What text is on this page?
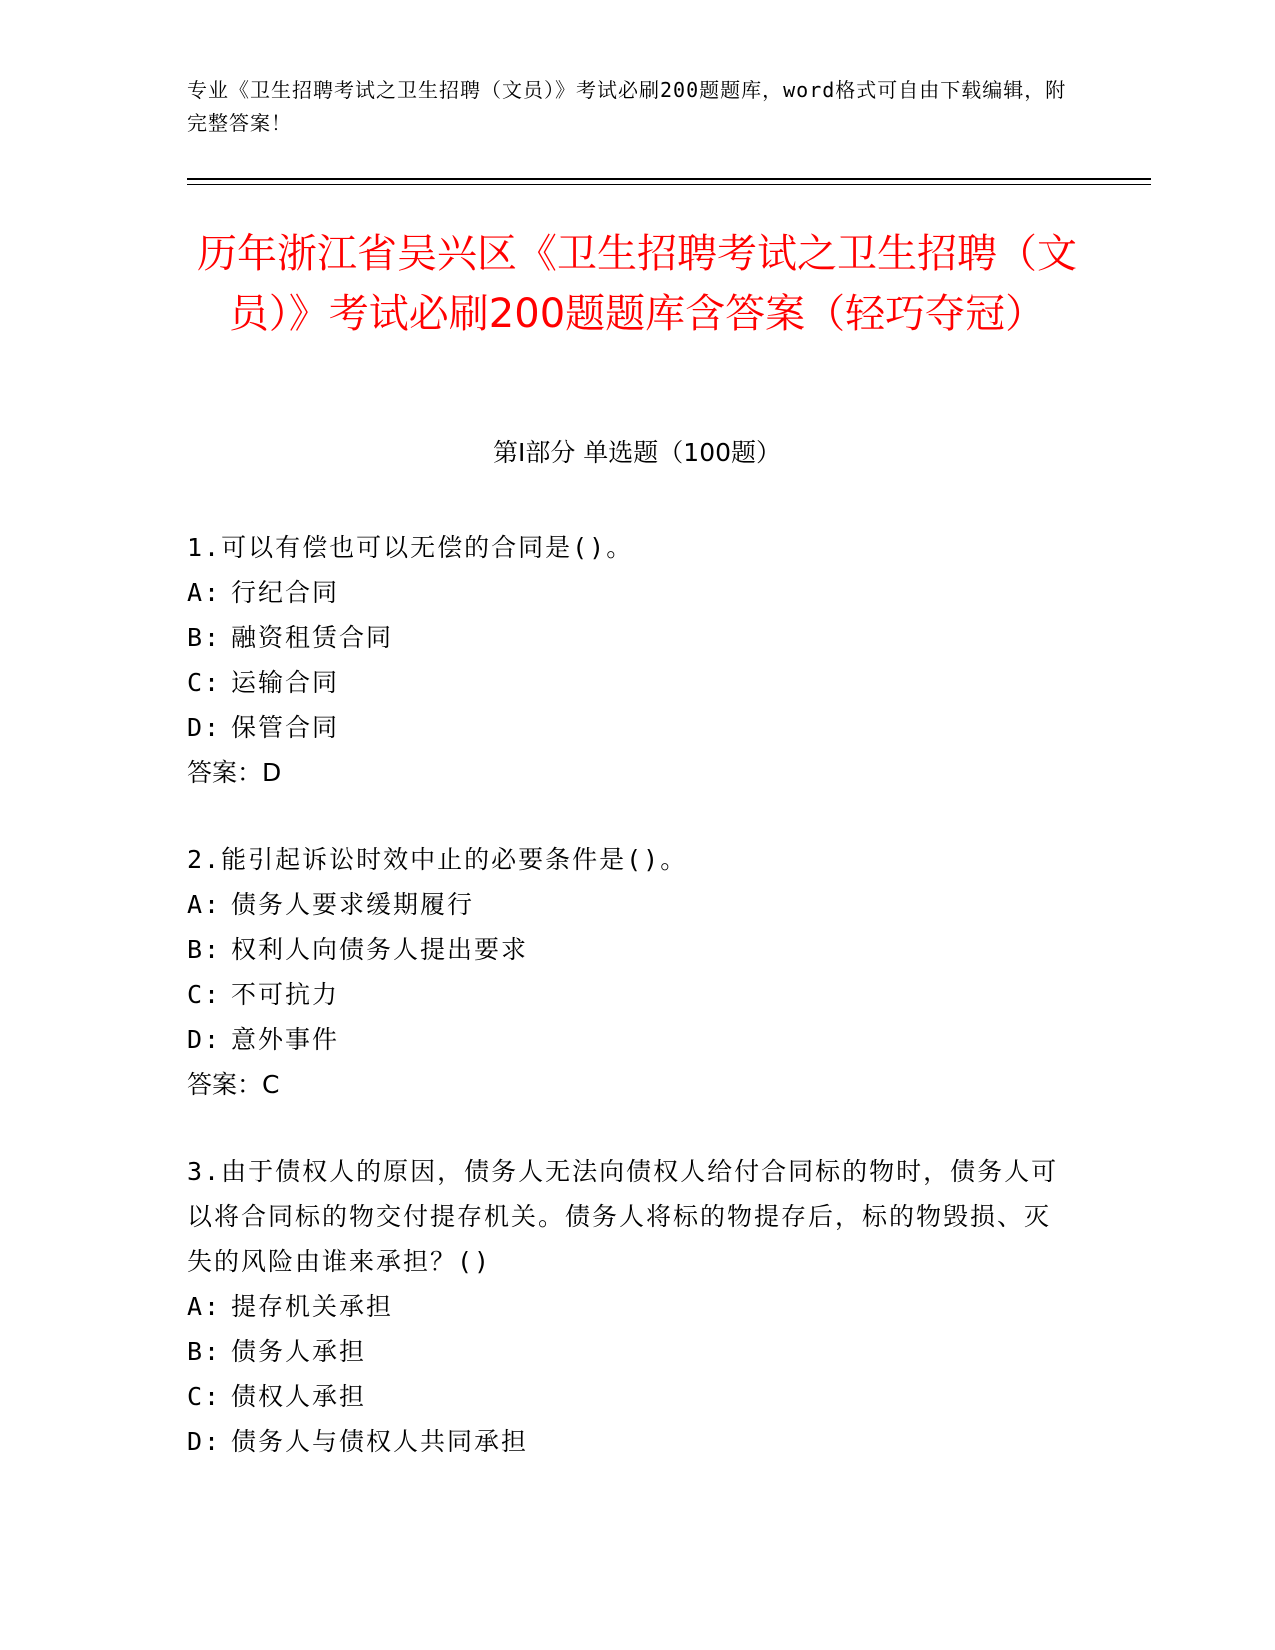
专业《卫生招聘考试之卫生招聘（文员）》考试必刷200题题库，word格式可自由下载编辑，附完整答案！
历年浙江省吴兴区《卫生招聘考试之卫生招聘（文员）》考试必刷200题题库含答案（轻巧夺冠）
第Ⅰ部分 单选题（100题）
1.可以有偿也可以无偿的合同是()。
A: 行纪合同
B: 融资租赁合同
C: 运输合同
D: 保管合同
答案：D
2.能引起诉讼时效中止的必要条件是()。
A: 债务人要求缓期履行
B: 权利人向债务人提出要求
C: 不可抗力
D: 意外事件
答案：C
3.由于债权人的原因，债务人无法向债权人给付合同标的物时，债务人可以将合同标的物交付提存机关。债务人将标的物提存后，标的物毁损、灭失的风险由谁来承担？()
A: 提存机关承担
B: 债务人承担
C: 债权人承担
D: 债务人与债权人共同承担
